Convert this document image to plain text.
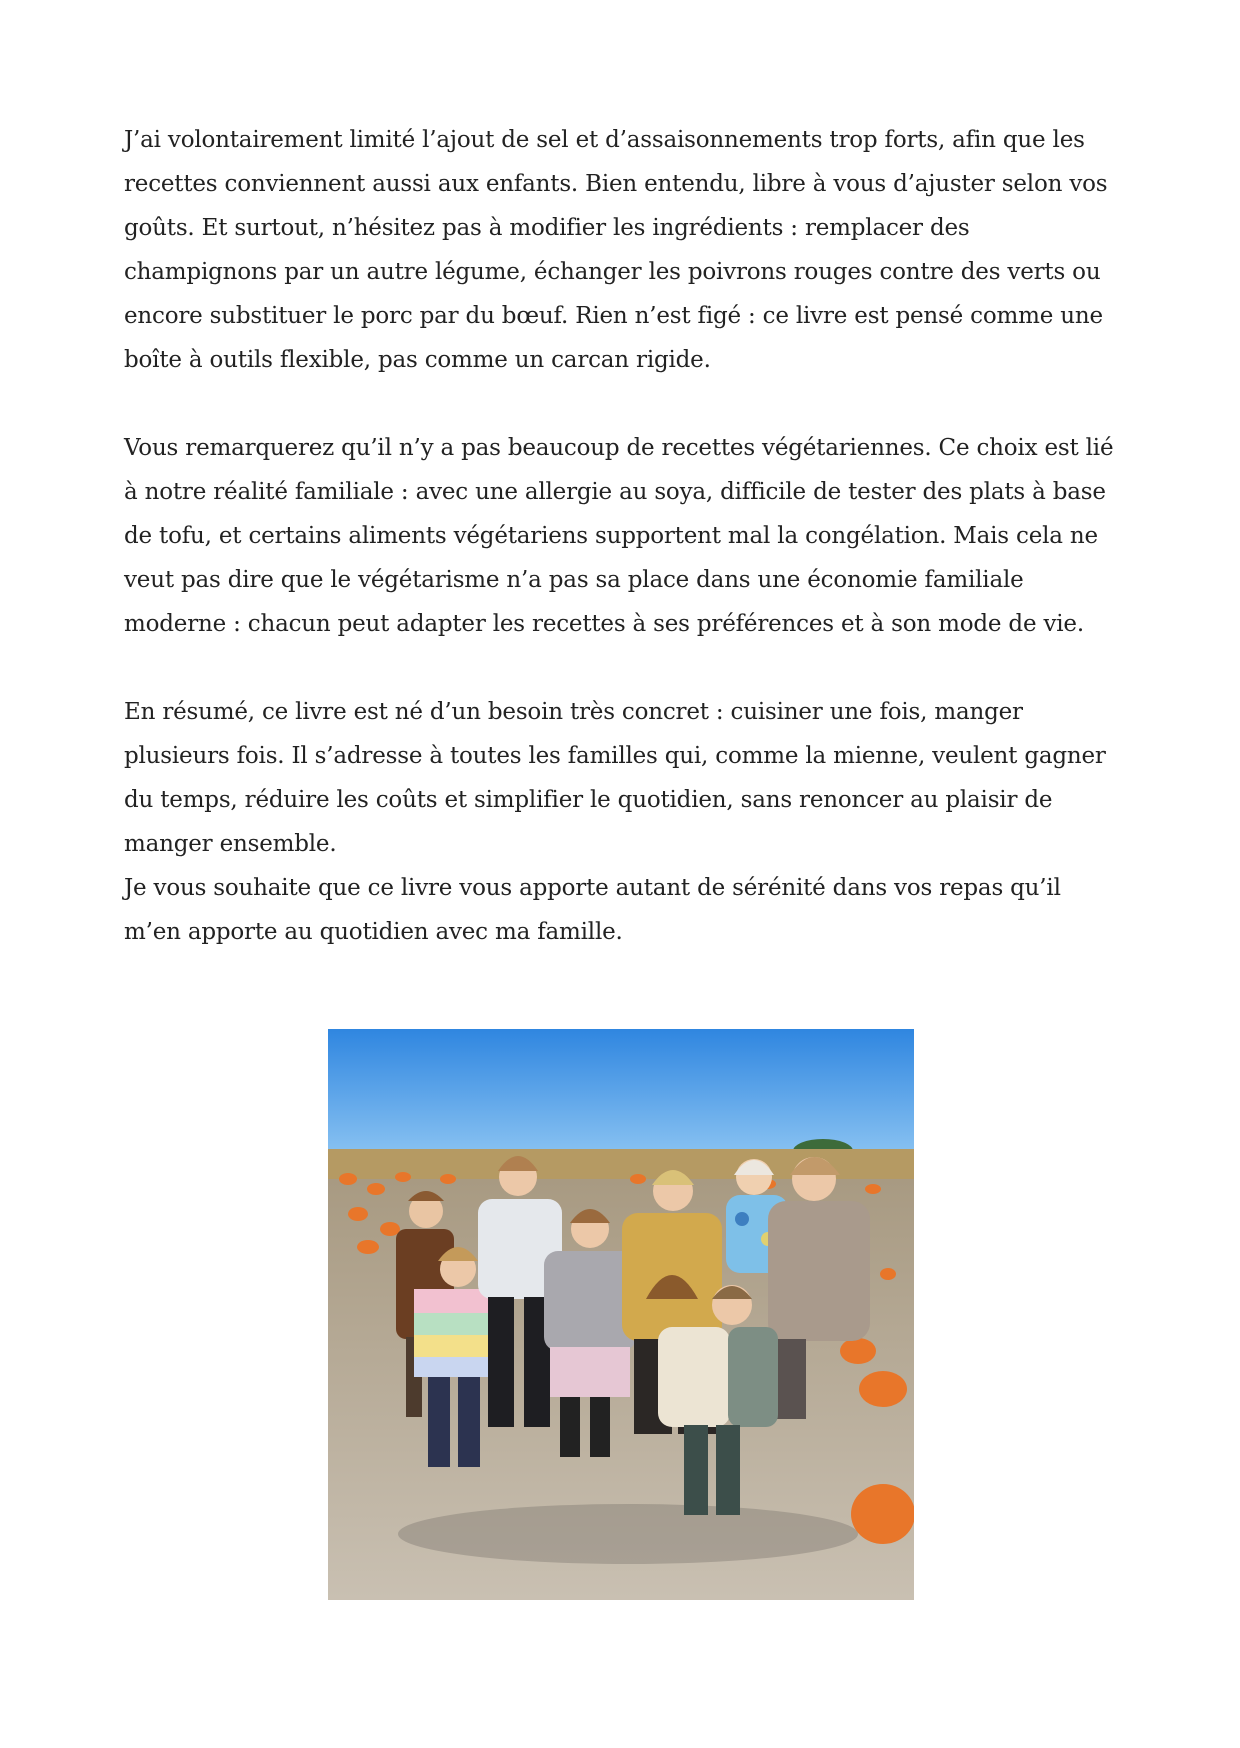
J’ai volontairement limité l’ajout de sel et d’assaisonnements trop forts, afin que les recettes conviennent aussi aux enfants. Bien entendu, libre à vous d’ajuster selon vos goûts. Et surtout, n’hésitez pas à modifier les ingrédients : remplacer des champignons par un autre légume, échanger les poivrons rouges contre des verts ou encore substituer le porc par du bœuf. Rien n’est figé : ce livre est pensé comme une boîte à outils flexible, pas comme un carcan rigide.

Vous remarquerez qu’il n’y a pas beaucoup de recettes végétariennes. Ce choix est lié à notre réalité familiale : avec une allergie au soya, difficile de tester des plats à base de tofu, et certains aliments végétariens supportent mal la congélation. Mais cela ne veut pas dire que le végétarisme n’a pas sa place dans une économie familiale moderne : chacun peut adapter les recettes à ses préférences et à son mode de vie.

En résumé, ce livre est né d’un besoin très concret : cuisiner une fois, manger plusieurs fois. Il s’adresse à toutes les familles qui, comme la mienne, veulent gagner du temps, réduire les coûts et simplifier le quotidien, sans renoncer au plaisir de manger ensemble.

Je vous souhaite que ce livre vous apporte autant de sérénité dans vos repas qu’il m’en apporte au quotidien avec ma famille.
